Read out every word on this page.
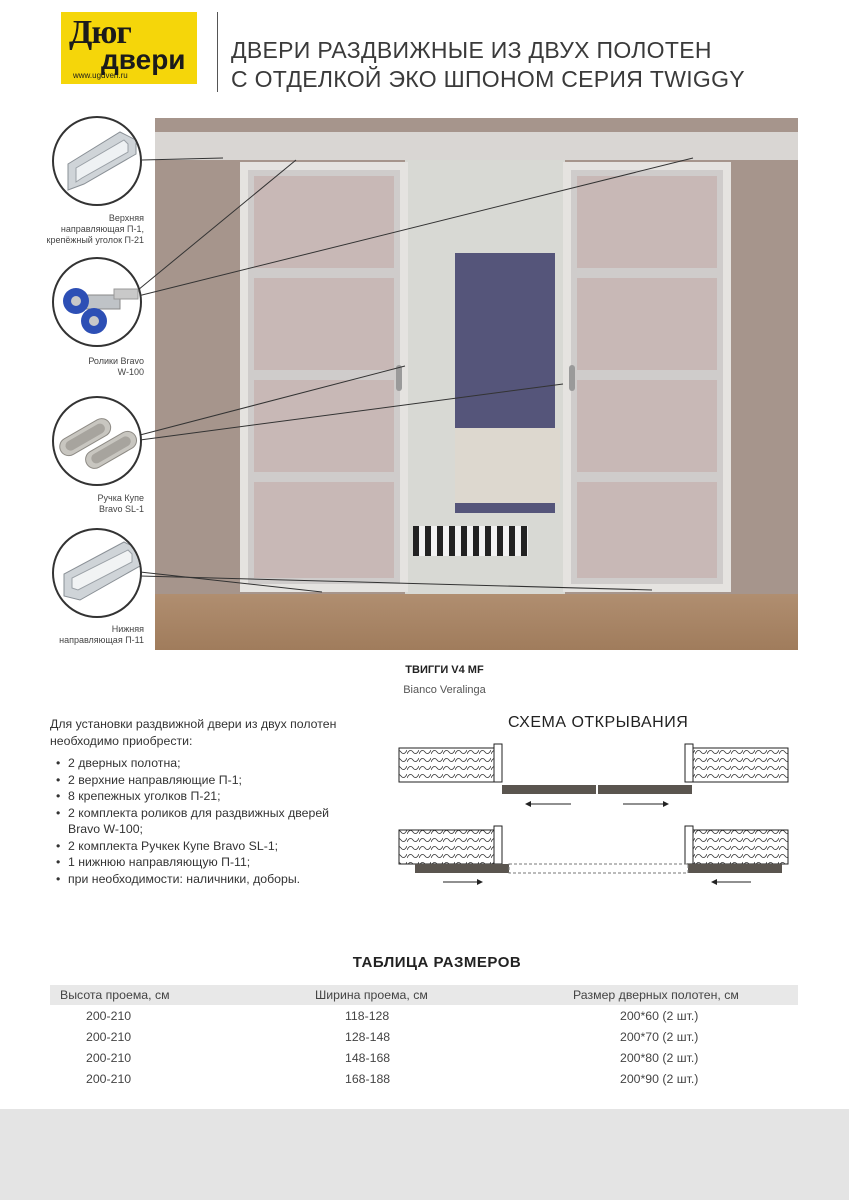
Дюг
двери
www.ugdveri.ru
ДВЕРИ РАЗДВИЖНЫЕ ИЗ ДВУХ ПОЛОТЕН
С ОТДЕЛКОЙ ЭКО ШПОНОМ СЕРИЯ TWIGGY
Верхняя
направляющая П-1,
крепёжный уголок П-21
Ролики Bravo
W-100
Ручка Купе
Bravo SL-1
Нижняя
направляющая П-11
ТВИГГИ V4 MF
Bianco Veralinga
Для установки раздвижной двери из двух полотен
необходимо приобрести:
• 2 дверных полотна;
• 2 верхние направляющие П-1;
• 8 крепежных уголков П-21;
• 2 комплекта роликов для раздвижных дверей
Bravo W-100;
• 2 комплекта Ручкек Купе Bravo SL-1;
• 1 нижнюю направляющую П-11;
• при необходимости: наличники, доборы.
СХЕМА ОТКРЫВАНИЯ
ТАБЛИЦА РАЗМЕРОВ
Высота проема, см	Ширина проема, см	Размер дверных полотен, см
200-210	118-128	200*60 (2 шт.)
200-210	128-148	200*70 (2 шт.)
200-210	148-168	200*80 (2 шт.)
200-210	168-188	200*90 (2 шт.)
